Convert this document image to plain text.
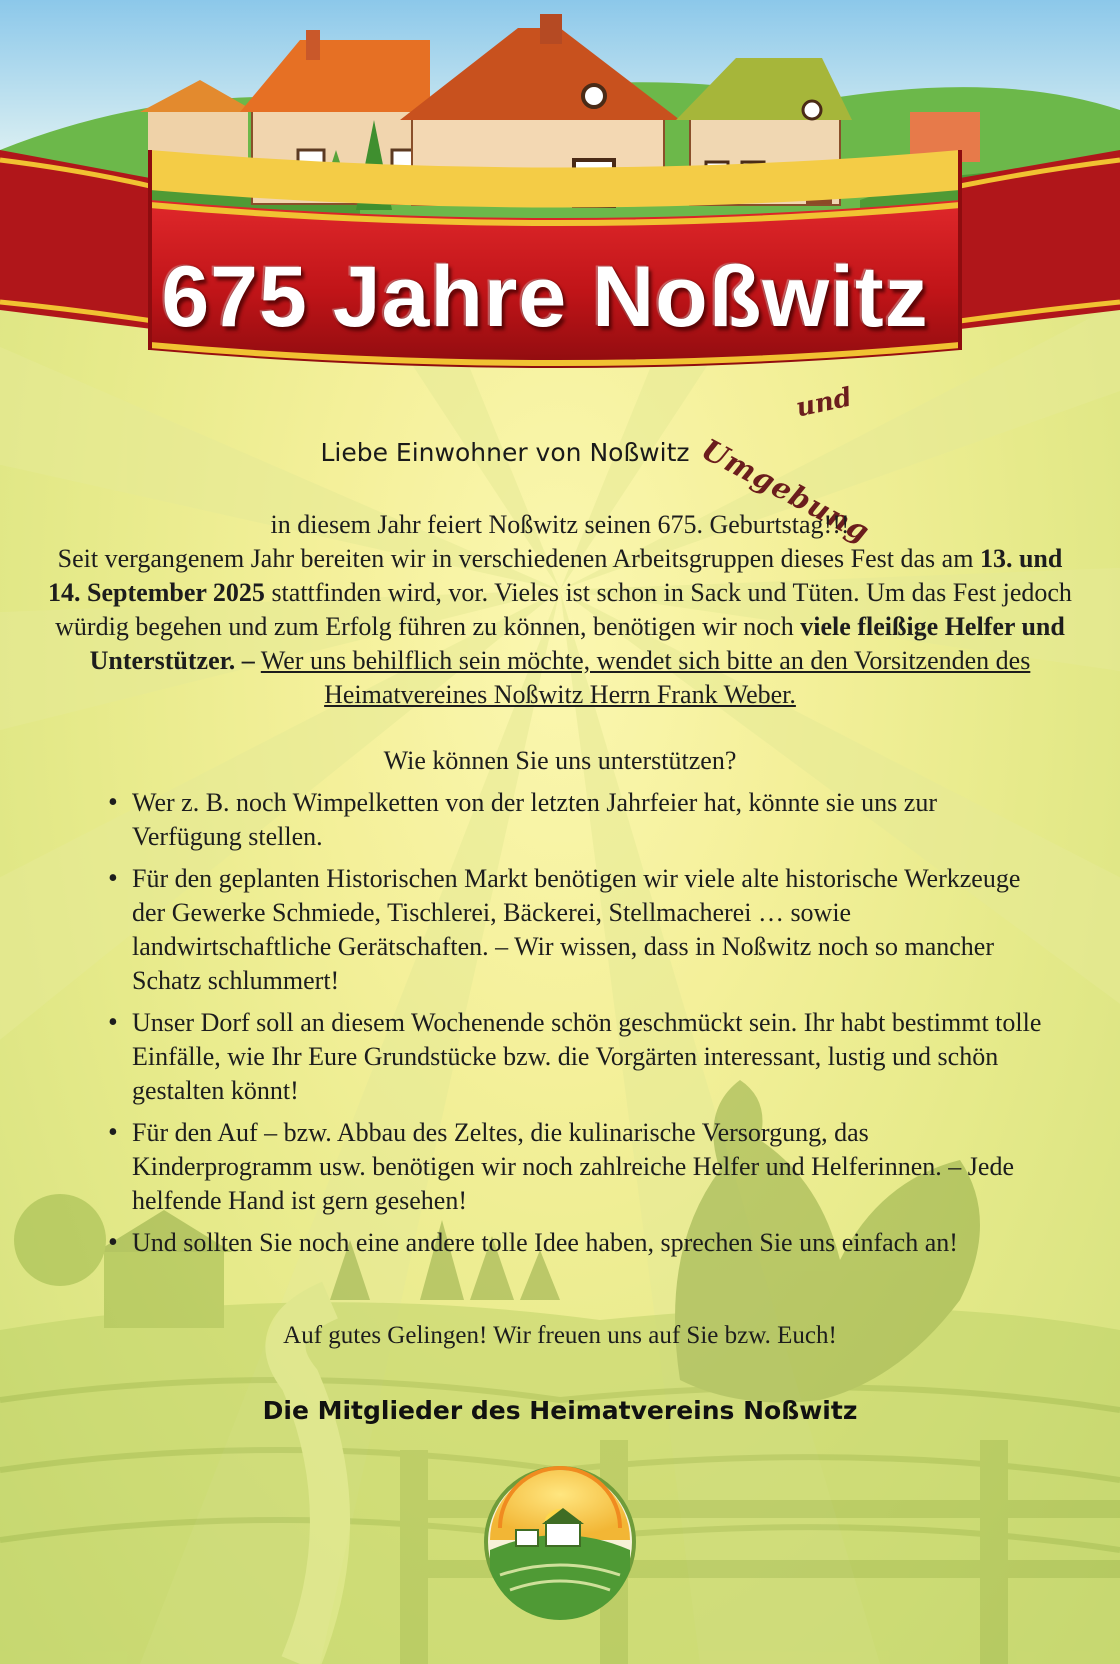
675 Jahre Noßwitz
Liebe Einwohner von Noßwitz
und
Umgebung
in diesem Jahr feiert Noßwitz seinen 675. Geburtstag!!!
Seit vergangenem Jahr bereiten wir in verschiedenen Arbeitsgruppen dieses Fest das am 13. und 14. September 2025 stattfinden wird, vor. Vieles ist schon in Sack und Tüten. Um das Fest jedoch würdig begehen und zum Erfolg führen zu können, benötigen wir noch viele fleißige Helfer und Unterstützer. – Wer uns behilflich sein möchte, wendet sich bitte an den Vorsitzenden des Heimatvereines Noßwitz Herrn Frank Weber.
Wie können Sie uns unterstützen?
• Wer z. B. noch Wimpelketten von der letzten Jahrfeier hat, könnte sie uns zur Verfügung stellen.
• Für den geplanten Historischen Markt benötigen wir viele alte historische Werkzeuge der Gewerke Schmiede, Tischlerei, Bäckerei, Stellmacherei … sowie landwirtschaftliche Gerätschaften. – Wir wissen, dass in Noßwitz noch so mancher Schatz schlummert!
• Unser Dorf soll an diesem Wochenende schön geschmückt sein. Ihr habt bestimmt tolle Einfälle, wie Ihr Eure Grundstücke bzw. die Vorgärten interessant, lustig und schön gestalten könnt!
• Für den Auf – bzw. Abbau des Zeltes, die kulinarische Versorgung, das Kinderprogramm usw. benötigen wir noch zahlreiche Helfer und Helferinnen. – Jede helfende Hand ist gern gesehen!
• Und sollten Sie noch eine andere tolle Idee haben, sprechen Sie uns einfach an!
Auf gutes Gelingen! Wir freuen uns auf Sie bzw. Euch!
Die Mitglieder des Heimatvereins Noßwitz
